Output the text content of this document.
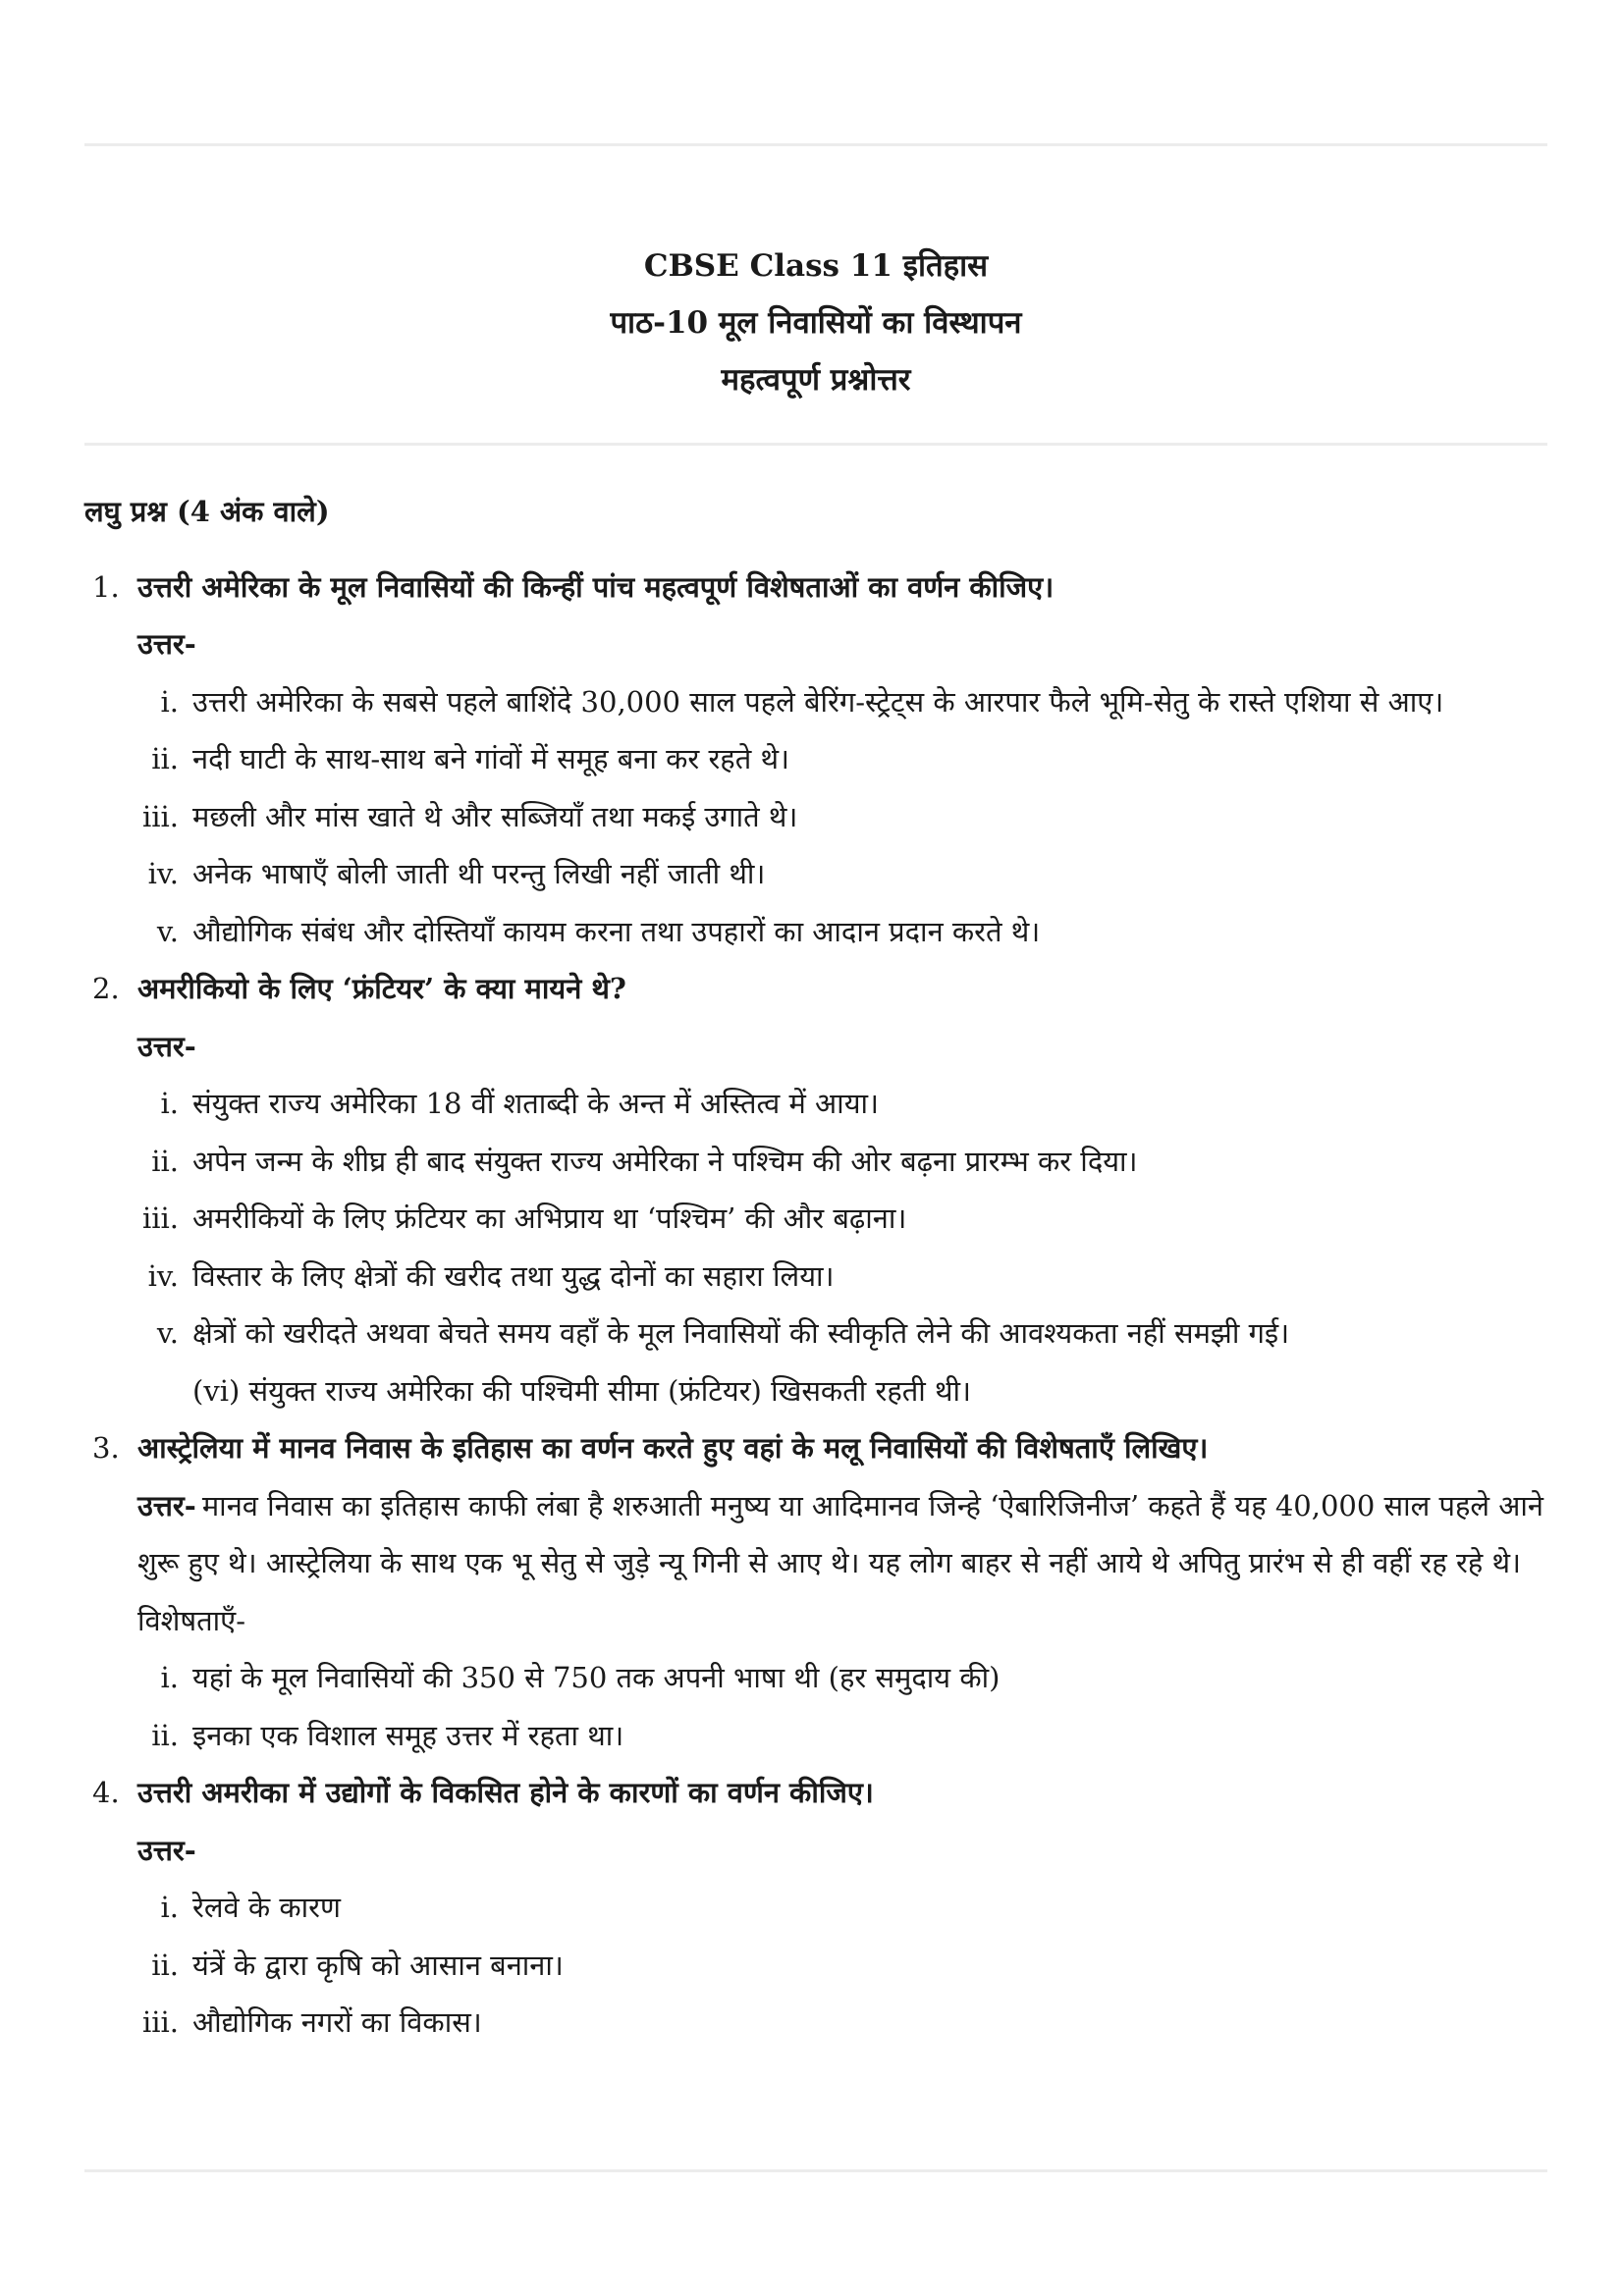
CBSE Class 11 इतिहास
पाठ-10 मूल निवासियों का विस्थापन
महत्वपूर्ण प्रश्नोत्तर
लघु प्रश्न (4 अंक वाले)
1. उत्तरी अमेरिका के मूल निवासियों की किन्हीं पांच महत्वपूर्ण विशेषताओं का वर्णन कीजिए।
उत्तर-
i. उत्तरी अमेरिका के सबसे पहले बाशिंदे 30,000 साल पहले बेरिंग-स्ट्रेट्स के आरपार फैले भूमि-सेतु के रास्ते एशिया से आए।
ii. नदी घाटी के साथ-साथ बने गांवों में समूह बना कर रहते थे।
iii. मछली और मांस खाते थे और सब्जियाँ तथा मकई उगाते थे।
iv. अनेक भाषाएँ बोली जाती थी परन्तु लिखी नहीं जाती थी।
v. औद्योगिक संबंध और दोस्तियाँ कायम करना तथा उपहारों का आदान प्रदान करते थे।
2. अमरीकियो के लिए ‘फ्रंटियर’ के क्या मायने थे?
उत्तर-
i. संयुक्त राज्य अमेरिका 18 वीं शताब्दी के अन्त में अस्तित्व में आया।
ii. अपेन जन्म के शीघ्र ही बाद संयुक्त राज्य अमेरिका ने पश्चिम की ओर बढ़ना प्रारम्भ कर दिया।
iii. अमरीकियों के लिए फ्रंटियर का अभिप्राय था ‘पश्चिम’ की और बढ़ाना।
iv. विस्तार के लिए क्षेत्रों की खरीद तथा युद्ध दोनों का सहारा लिया।
v. क्षेत्रों को खरीदते अथवा बेचते समय वहाँ के मूल निवासियों की स्वीकृति लेने की आवश्यकता नहीं समझी गई।
(vi) संयुक्त राज्य अमेरिका की पश्चिमी सीमा (फ्रंटियर) खिसकती रहती थी।
3. आस्ट्रेलिया में मानव निवास के इतिहास का वर्णन करते हुए वहां के मलू निवासियों की विशेषताएँ लिखिए।

उत्तर- मानव निवास का इतिहास काफी लंबा है शरुआती मनुष्य या आदिमानव जिन्हे ‘ऐबारिजिनीज’ कहते हैं यह 40,000 साल पहले आने शुरू हुए थे। आस्ट्रेलिया के साथ एक भू सेतु से जुड़े न्यू गिनी से आए थे। यह लोग बाहर से नहीं आये थे अपितु प्रारंभ से ही वहीं रह रहे थे। विशेषताएँ-

i. यहां के मूल निवासियों की 350 से 750 तक अपनी भाषा थी (हर समुदाय की)
ii. इनका एक विशाल समूह उत्तर में रहता था।
4. उत्तरी अमरीका में उद्योगों के विकसित होने के कारणों का वर्णन कीजिए।
उत्तर-
i. रेलवे के कारण
ii. यंत्रें के द्वारा कृषि को आसान बनाना।
iii. औद्योगिक नगरों का विकास।
